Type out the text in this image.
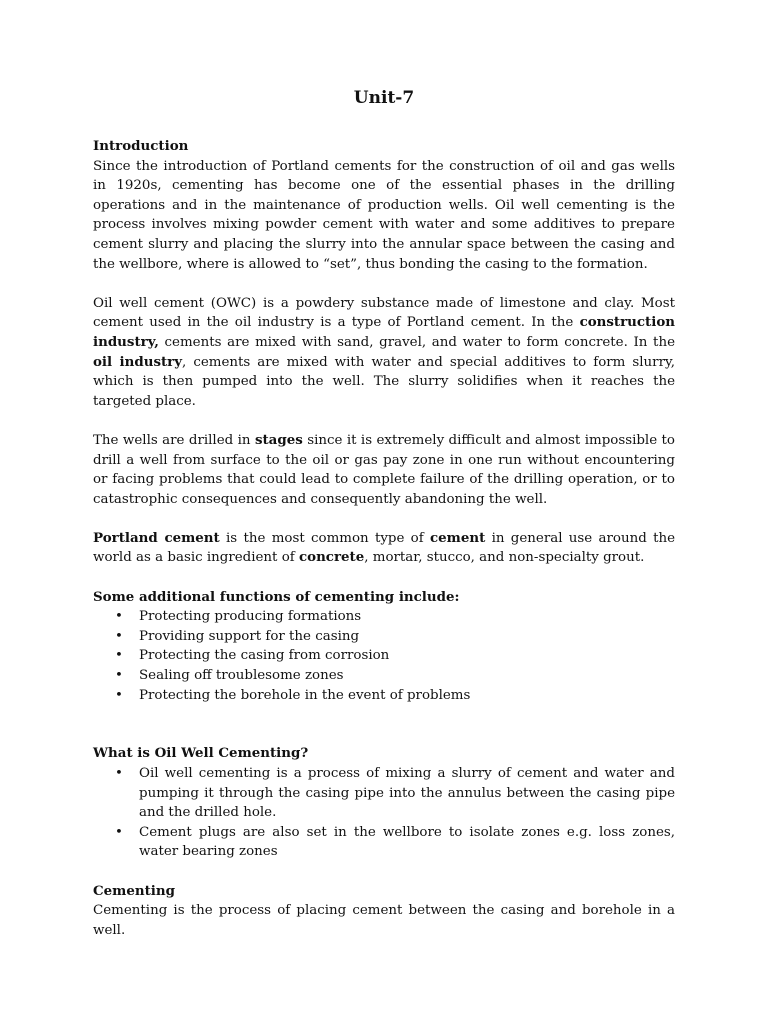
Unit-7
Introduction

Since the introduction of Portland cements for the construction of oil and gas wells in 1920s, cementing has become one of the essential phases in the drilling operations and in the maintenance of production wells. Oil well cementing is the process involves mixing powder cement with water and some additives to prepare cement slurry and placing the slurry into the annular space between the casing and the wellbore, where is allowed to “set”, thus bonding the casing to the formation.

Oil well cement (OWC) is a powdery substance made of limestone and clay. Most cement used in the oil industry is a type of Portland cement. In the construction industry, cements are mixed with sand, gravel, and water to form concrete. In the oil industry, cements are mixed with water and special additives to form slurry, which is then pumped into the well. The slurry solidifies when it reaches the targeted place.

The wells are drilled in stages since it is extremely difficult and almost impossible to drill a well from surface to the oil or gas pay zone in one run without encountering or facing problems that could lead to complete failure of the drilling operation, or to catastrophic consequences and consequently abandoning the well.

Portland cement is the most common type of cement in general use around the world as a basic ingredient of concrete, mortar, stucco, and non-specialty grout.

Some additional functions of cementing include:
• Protecting producing formations
• Providing support for the casing
• Protecting the casing from corrosion
• Sealing off troublesome zones
• Protecting the borehole in the event of problems
What is Oil Well Cementing?
• Oil well cementing is a process of mixing a slurry of cement and water and pumping it through the casing pipe into the annulus between the casing pipe and the drilled hole.
• Cement plugs are also set in the wellbore to isolate zones e.g. loss zones, water bearing zones
Cementing

Cementing is the process of placing cement between the casing and borehole in a well.
